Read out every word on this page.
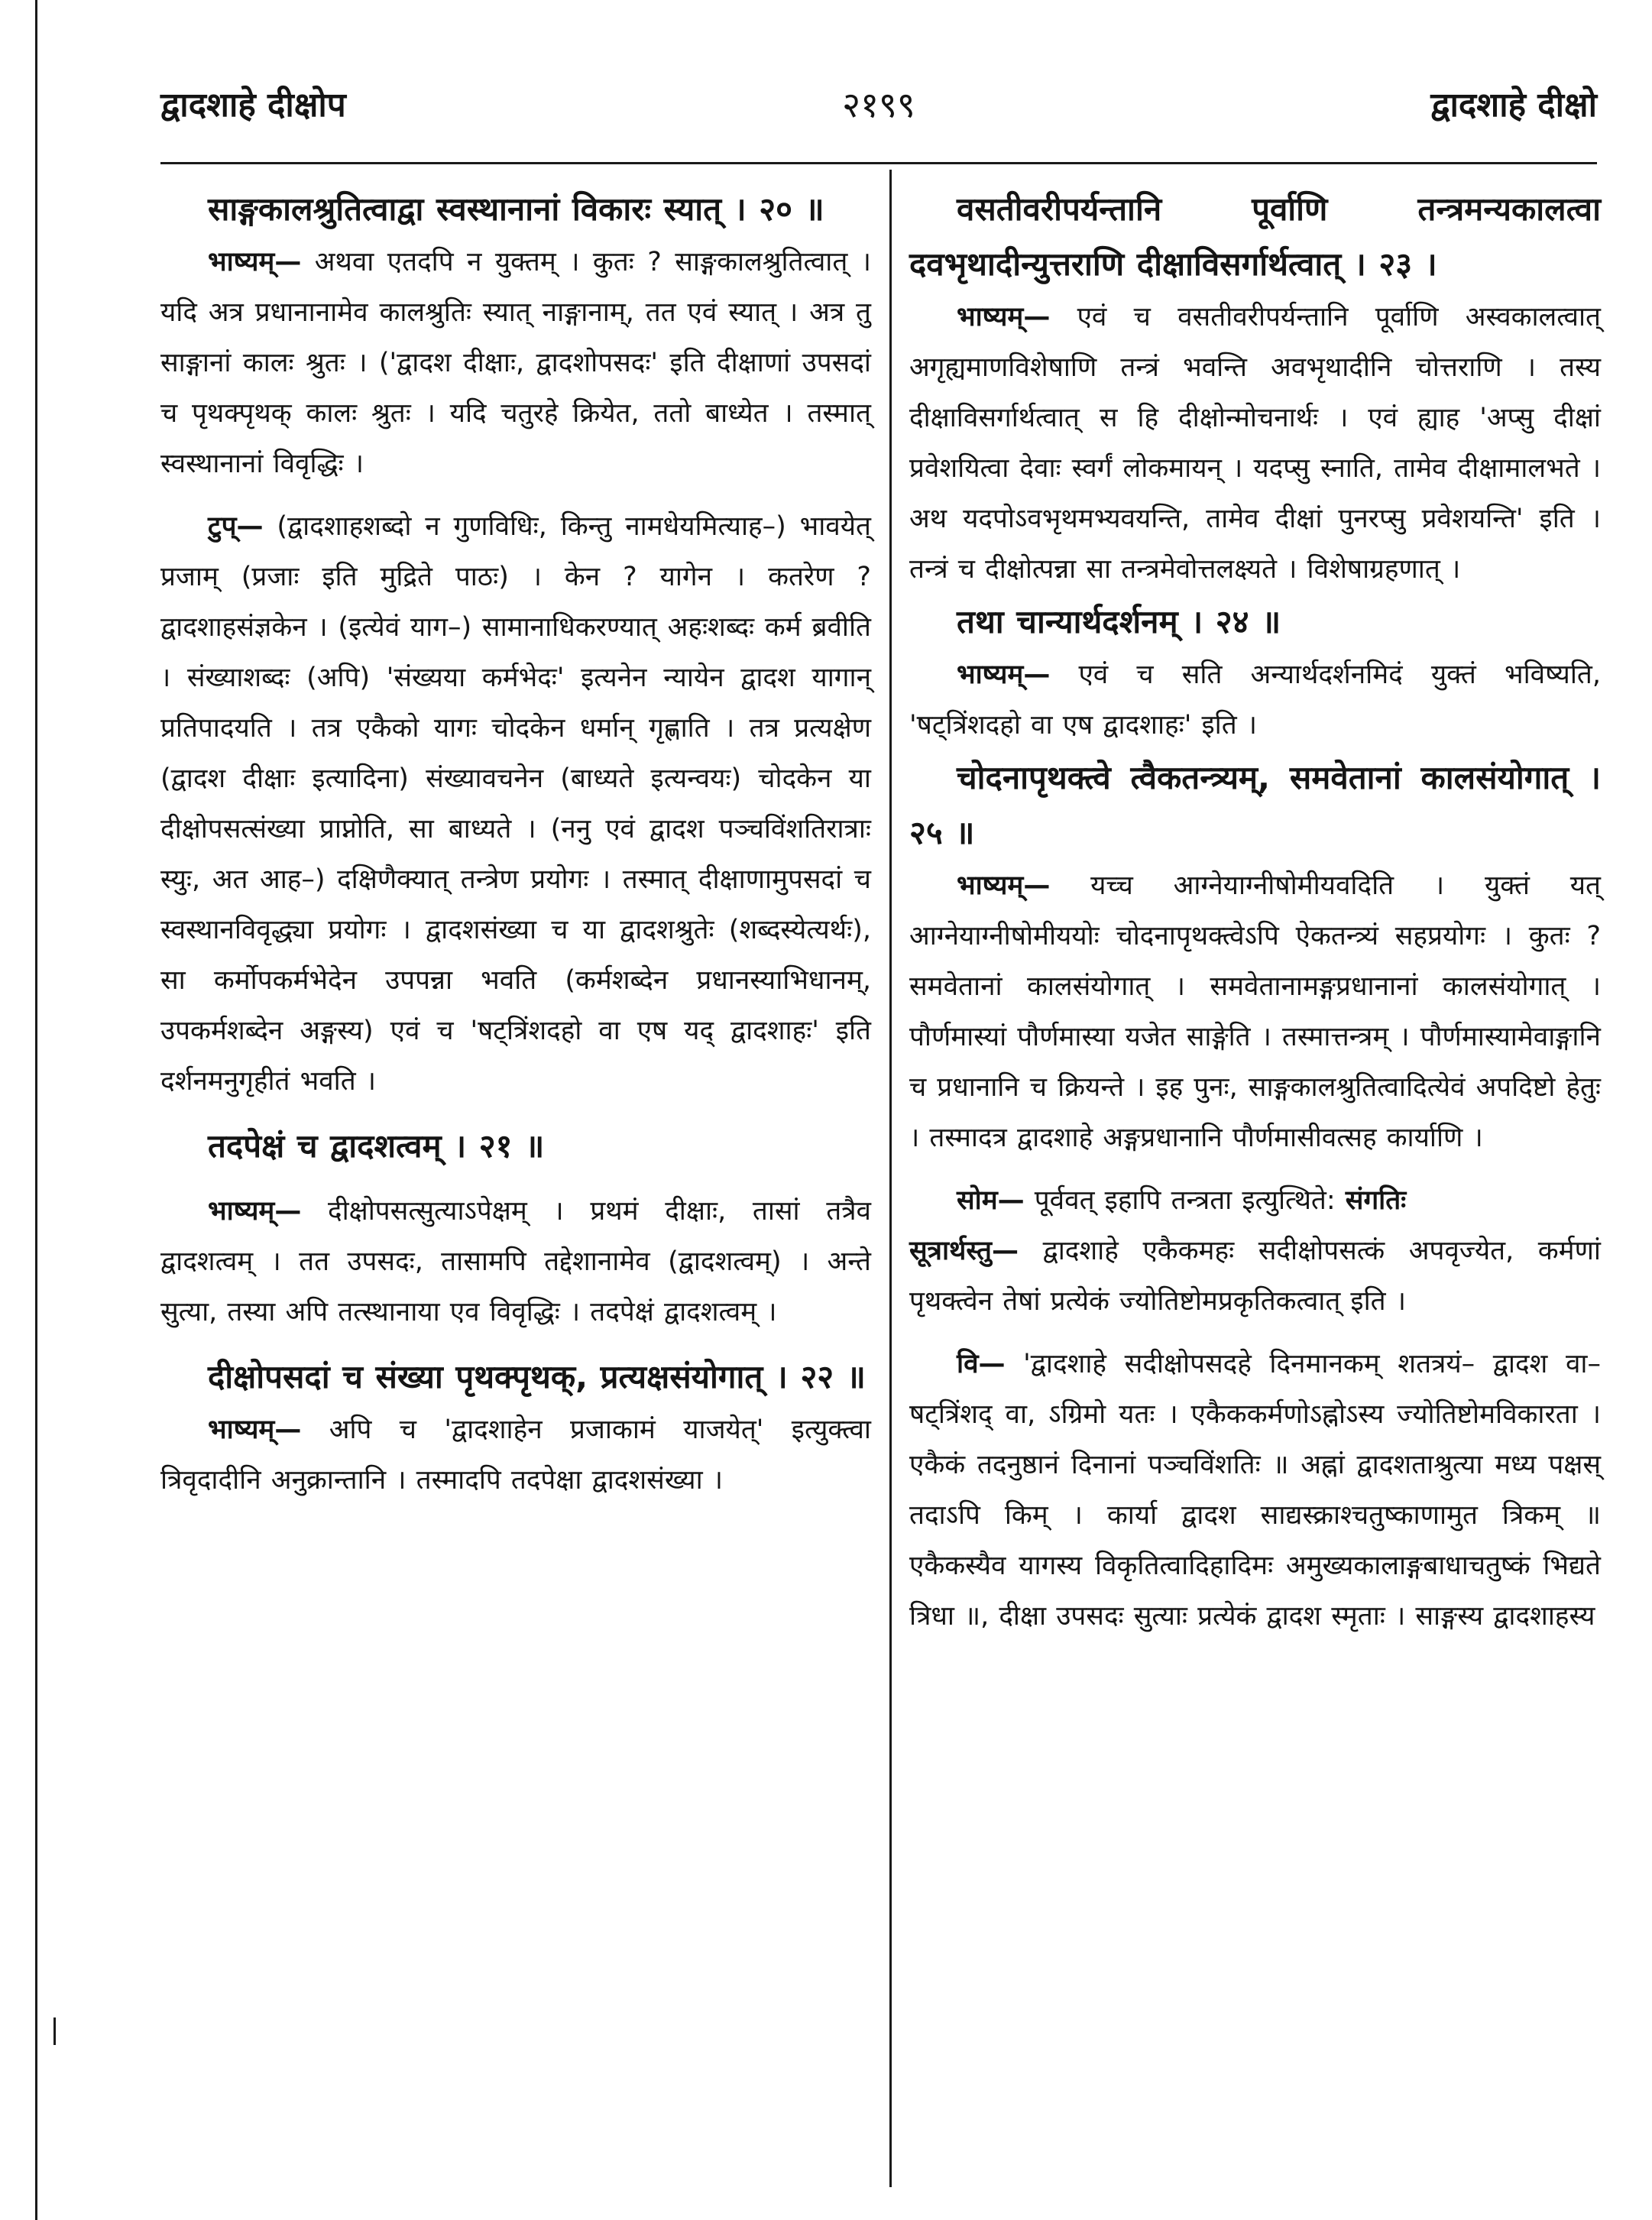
२१९९
द्वादशाहे दीक्षोप	द्वादशाहे दीक्षो

साङ्गकालश्रुतित्वाद्वा स्वस्थानानां विकारः स्यात् । २० ॥

भाष्यम्— अथवा एतदपि न युक्तम् । कुतः ? साङ्गकालश्रुतित्वात् । यदि अत्र प्रधानानामेव कालश्रुतिः स्यात् नाङ्गानाम्, तत एवं स्यात् । अत्र तु साङ्गानां कालः श्रुतः । ('द्वादश दीक्षाः, द्वादशोपसदः' इति दीक्षाणां उपसदां च पृथक्पृथक् कालः श्रुतः । यदि चतुरहे क्रियेत, ततो बाध्येत । तस्मात् स्वस्थानानां विवृद्धिः ।

टुप्— (द्वादशाहशब्दो न गुणविधिः, किन्तु नामधेयमित्याह–) भावयेत् प्रजाम् (प्रजाः इति मुद्रिते पाठः) । केन ? यागेन । कतरेण ? द्वादशाहसंज्ञकेन । (इत्येवं याग–) सामानाधिकरण्यात् अहःशब्दः कर्म ब्रवीति । संख्याशब्दः (अपि) 'संख्यया कर्मभेदः' इत्यनेन न्यायेन द्वादश यागान् प्रतिपादयति । तत्र एकैको यागः चोदकेन धर्मान् गृह्णाति । तत्र प्रत्यक्षेण (द्वादश दीक्षाः इत्यादिना) संख्यावचनेन (बाध्यते इत्यन्वयः) चोदकेन या दीक्षोपसत्संख्या प्राप्नोति, सा बाध्यते । (ननु एवं द्वादश पञ्चविंशतिरात्राः स्युः, अत आह–) दक्षिणैक्यात् तन्त्रेण प्रयोगः । तस्मात् दीक्षाणामुपसदां च स्वस्थानविवृद्ध्या प्रयोगः । द्वादशसंख्या च या द्वादशश्रुतेः (शब्दस्येत्यर्थः), सा कर्मोपकर्मभेदेन उपपन्ना भवति (कर्मशब्देन प्रधानस्याभिधानम्, उपकर्मशब्देन अङ्गस्य) एवं च 'षट्त्रिंशदहो वा एष यद् द्वादशाहः' इति दर्शनमनुगृहीतं भवति ।

तदपेक्षं च द्वादशत्वम् । २१ ॥

भाष्यम्— दीक्षोपसत्सुत्याऽपेक्षम् । प्रथमं दीक्षाः, तासां तत्रैव द्वादशत्वम् । तत उपसदः, तासामपि तद्देशानामेव (द्वादशत्वम्) । अन्ते सुत्या, तस्या अपि तत्स्थानाया एव विवृद्धिः । तदपेक्षं द्वादशत्वम् ।

दीक्षोपसदां च संख्या पृथक्पृथक्, प्रत्यक्षसंयोगात् । २२ ॥

भाष्यम्— अपि च 'द्वादशाहेन प्रजाकामं याजयेत्' इत्युक्त्वा त्रिवृदादीनि अनुक्रान्तानि । तस्मादपि तदपेक्षा द्वादशसंख्या ।

वसतीवरीपर्यन्तानि पूर्वाणि तन्त्रमन्यकालत्वा दवभृथादीन्युत्तराणि दीक्षाविसर्गार्थत्वात् । २३ ।

भाष्यम्— एवं च वसतीवरीपर्यन्तानि पूर्वाणि अस्वकालत्वात् अगृह्यमाणविशेषाणि तन्त्रं भवन्ति अवभृथादीनि चोत्तराणि । तस्य दीक्षाविसर्गार्थत्वात् स हि दीक्षोन्मोचनार्थः । एवं ह्याह 'अप्सु दीक्षां प्रवेशयित्वा देवाः स्वर्गं लोकमायन् । यदप्सु स्नाति, तामेव दीक्षामालभते । अथ यदपोऽवभृथमभ्यवयन्ति, तामेव दीक्षां पुनरप्सु प्रवेशयन्ति' इति । तन्त्रं च दीक्षोत्पन्ना सा तन्त्रमेवोत्तलक्ष्यते । विशेषाग्रहणात् ।

तथा चान्यार्थदर्शनम् । २४ ॥

भाष्यम्— एवं च सति अन्यार्थदर्शनमिदं युक्तं भविष्यति, 'षट्त्रिंशदहो वा एष द्वादशाहः' इति ।

चोदनापृथक्त्वे त्वैकतन्त्र्यम्, समवेतानां कालसंयोगात् । २५ ॥

भाष्यम्— यच्च आग्नेयाग्नीषोमीयवदिति । युक्तं यत् आग्नेयाग्नीषोमीययोः चोदनापृथक्त्वेऽपि ऐकतन्त्र्यं सहप्रयोगः । कुतः ? समवेतानां कालसंयोगात् । समवेतानामङ्गप्रधानानां कालसंयोगात् । पौर्णमास्यां पौर्णमास्या यजेत साङ्गेति । तस्मात्तन्त्रम् । पौर्णमास्यामेवाङ्गानि च प्रधानानि च क्रियन्ते । इह पुनः, साङ्गकालश्रुतित्वादित्येवं अपदिष्टो हेतुः । तस्मादत्र द्वादशाहे अङ्गप्रधानानि पौर्णमासीवत्सह कार्याणि ।

सोम— पूर्ववत् इहापि तन्त्रता इत्युत्थिते: संगतिः

सूत्रार्थस्तु— द्वादशाहे एकैकमहः सदीक्षोपसत्कं अपवृज्येत, कर्मणां पृथक्त्वेन तेषां प्रत्येकं ज्योतिष्टोमप्रकृतिकत्वात् इति ।

वि— 'द्वादशाहे सदीक्षोपसदहे दिनमानकम् शतत्रयं– द्वादश वा–षट्त्रिंशद् वा, ऽग्रिमो यतः । एकैककर्मणोऽह्नोऽस्य ज्योतिष्टोमविकारता । एकैकं तदनुष्ठानं दिनानां पञ्चविंशतिः ॥ अह्नां द्वादशताश्रुत्या मध्य पक्षस् तदाऽपि किम् । कार्या द्वादश साद्यस्क्राश्चतुष्काणामुत त्रिकम् ॥ एकैकस्यैव यागस्य विकृतित्वादिहादिमः अमुख्यकालाङ्गबाधाचतुष्कं भिद्यते त्रिधा ॥, दीक्षा उपसदः सुत्याः प्रत्येकं द्वादश स्मृताः । साङ्गस्य द्वादशाहस्य
